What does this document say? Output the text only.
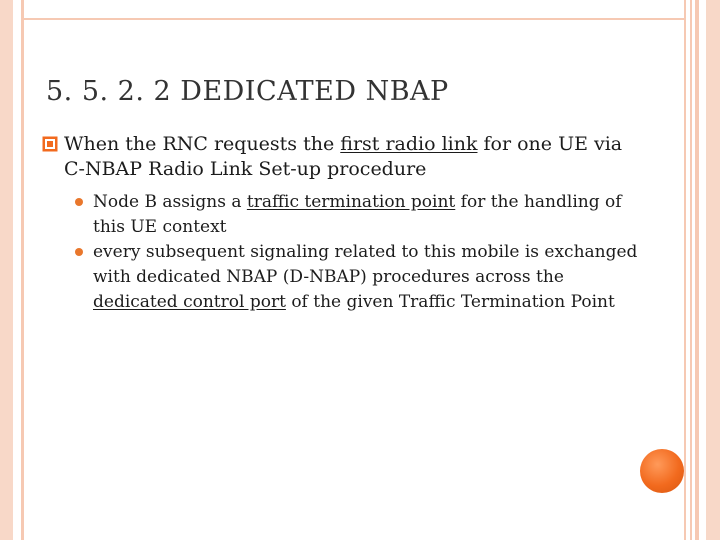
5. 5. 2. 2 DEDICATED NBAP
When the RNC requests the first radio link for one UE via C-NBAP Radio Link Set-up procedure
Node B assigns a traffic termination point for the handling of this UE context
every subsequent signaling related to this mobile is exchanged with dedicated NBAP (D-NBAP) procedures across the dedicated control port of the given Traffic Termination Point
